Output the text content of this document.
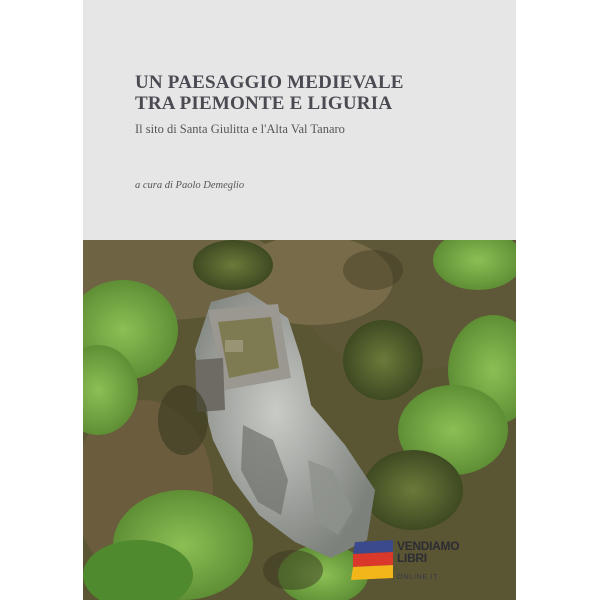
UN PAESAGGIO MEDIEVALE
TRA PIEMONTE E LIGURIA

Il sito di Santa Giulitta e l'Alta Val Tanaro

a cura di Paolo Demeglio

VENDIAMO
LIBRI

ONLINE.IT
